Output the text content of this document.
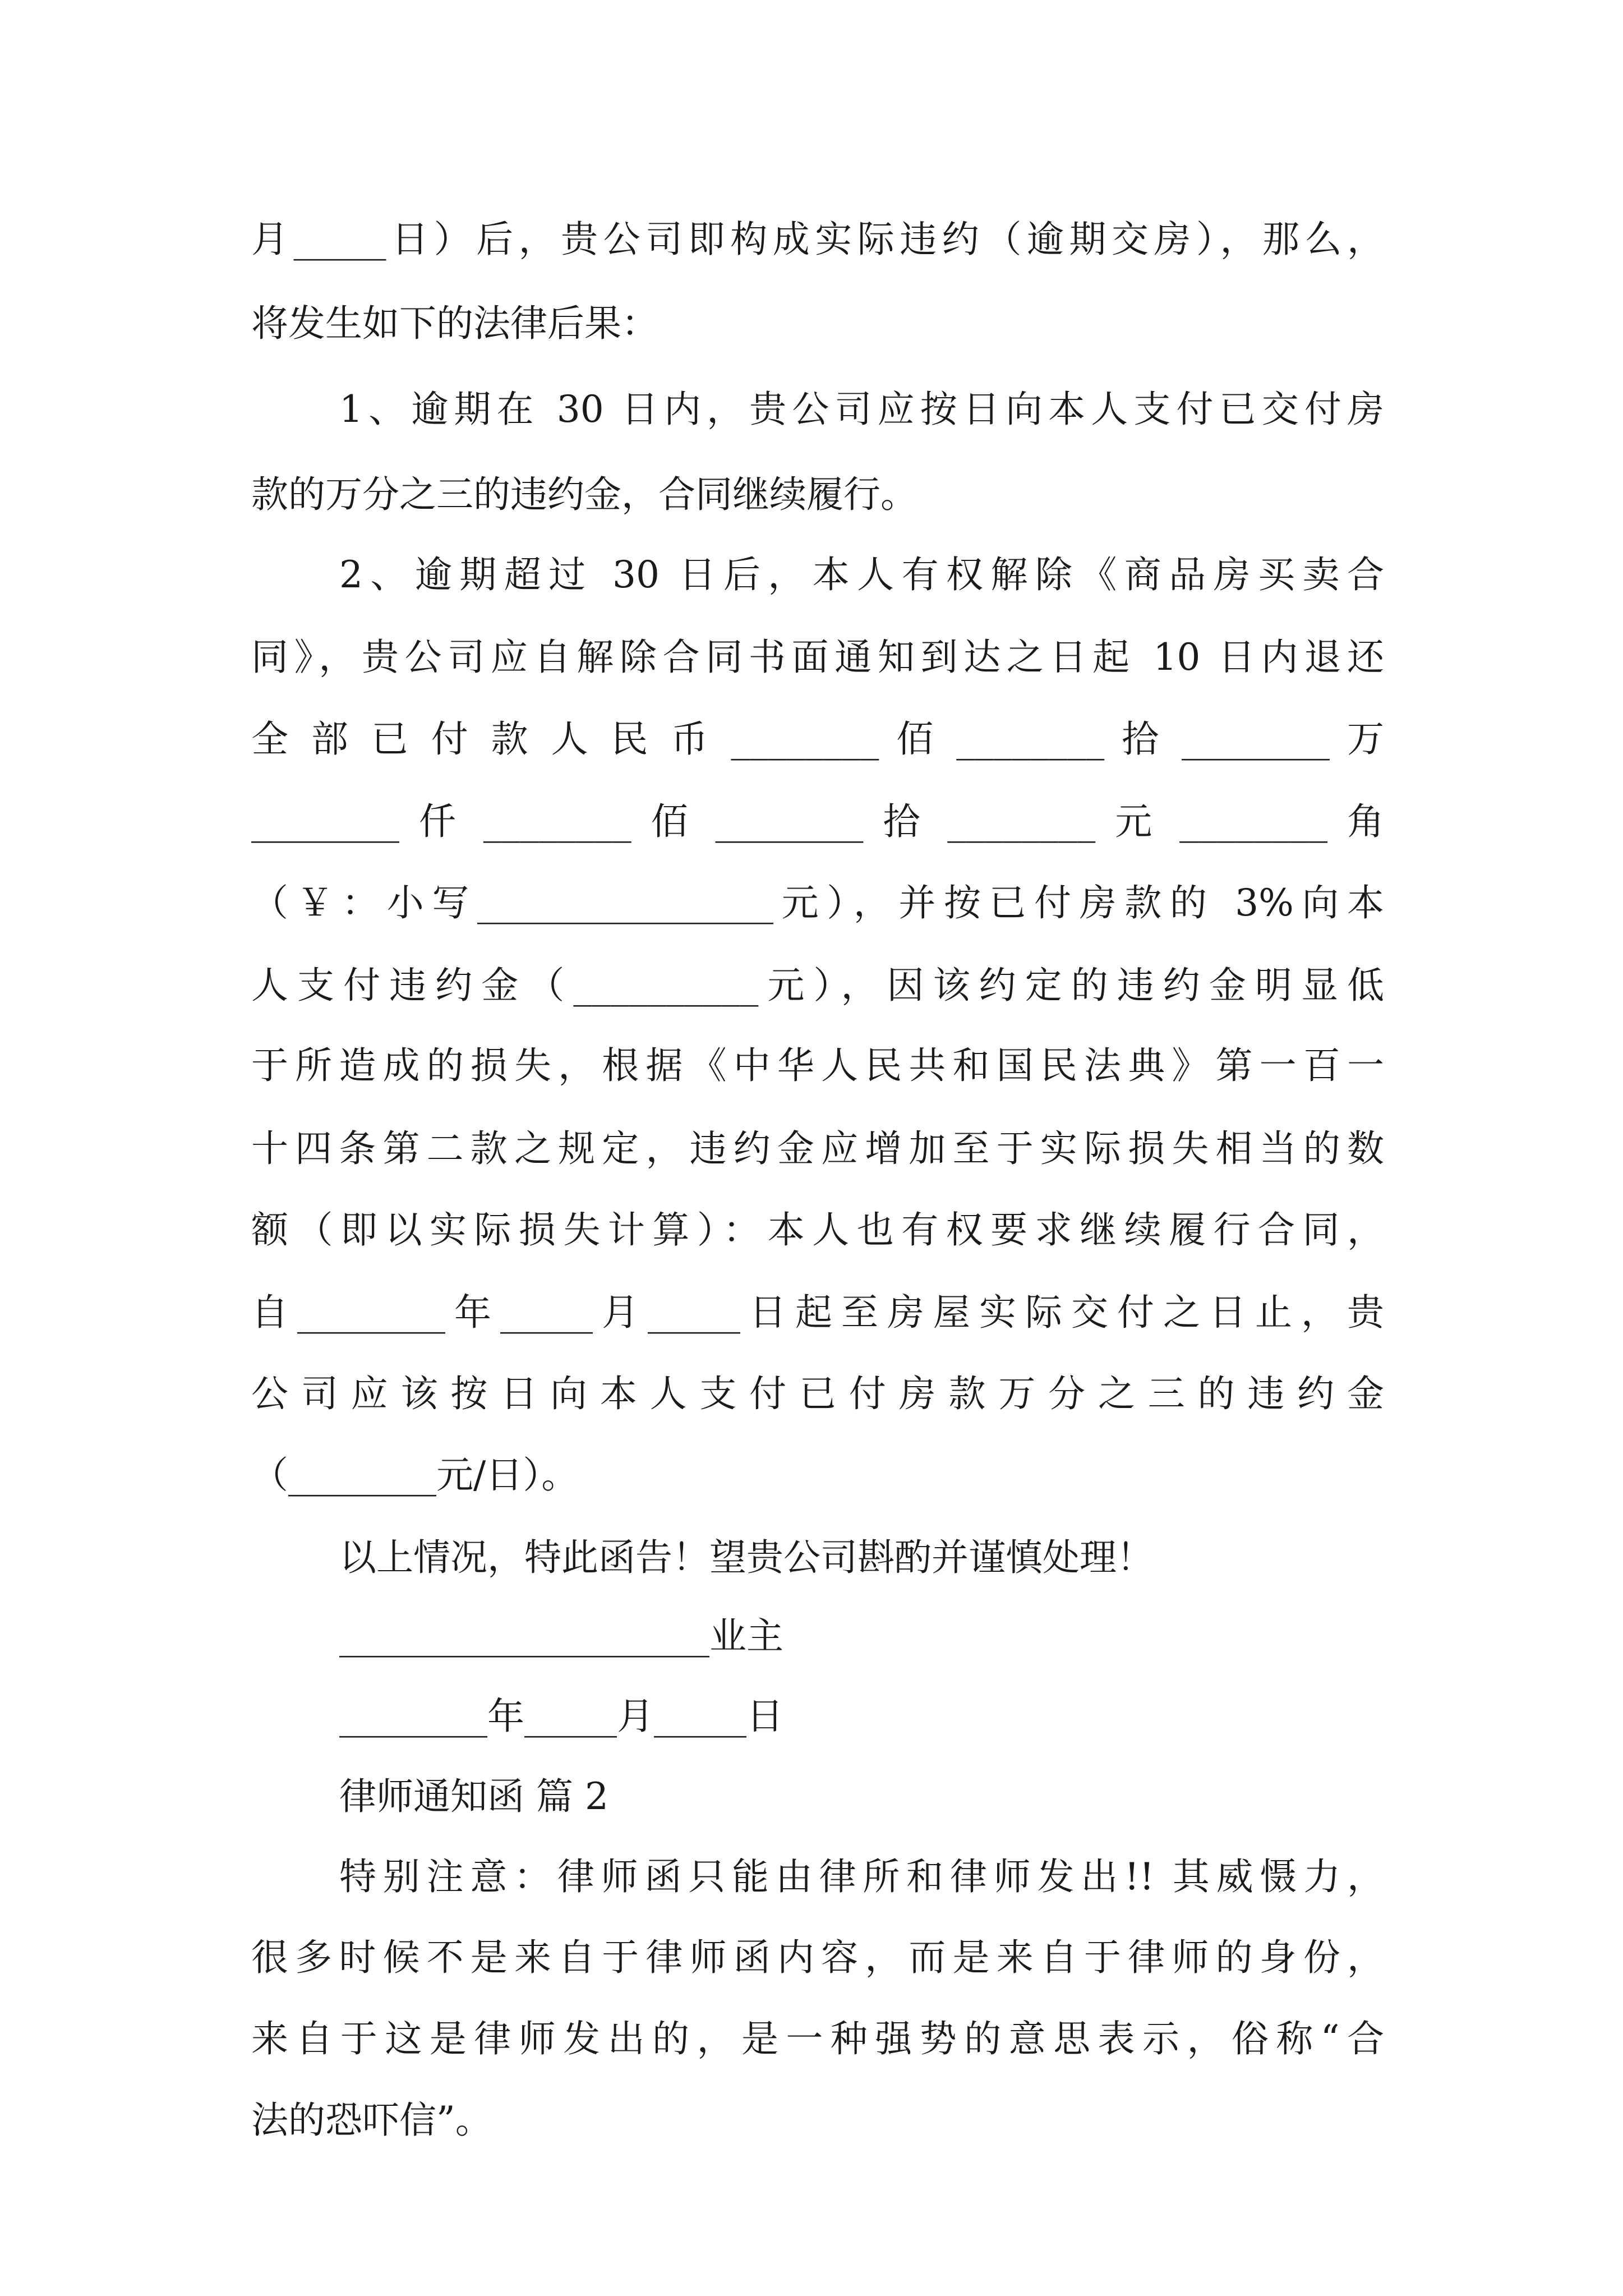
月_____日）后，贵公司即构成实际违约（逾期交房），那么，
将发生如下的法律后果：
1、逾期在 30 日内，贵公司应按日向本人支付已交付房
款的万分之三的违约金，合同继续履行。
2、逾期超过 30 日后，本人有权解除《商品房买卖合
同》，贵公司应自解除合同书面通知到达之日起 10 日内退还
全 部 已 付 款 人 民 币 ________ 佰 ________ 拾 ________ 万
________ 仟 ________ 佰 ________ 拾 ________ 元 ________ 角
（￥：小写________________元），并按已付房款的 3%向本
人支付违约金（__________元），因该约定的违约金明显低
于所造成的损失，根据《中华人民共和国民法典》第一百一
十四条第二款之规定，违约金应增加至于实际损失相当的数
额（即以实际损失计算）：本人也有权要求继续履行合同，
自________年_____月_____日起至房屋实际交付之日止，贵
公 司 应 该 按 日 向 本 人 支 付 已 付 房 款 万 分 之 三 的 违 约 金
（________元/日）。
以上情况，特此函告！望贵公司斟酌并谨慎处理！
____________________业主
________年_____月_____日
律师通知函 篇 2
特别注意：律师函只能由律所和律师发出!! 其威慑力，
很多时候不是来自于律师函内容，而是来自于律师的身份，
来自于这是律师发出的，是一种强势的意思表示，俗称“合
法的恐吓信”。
